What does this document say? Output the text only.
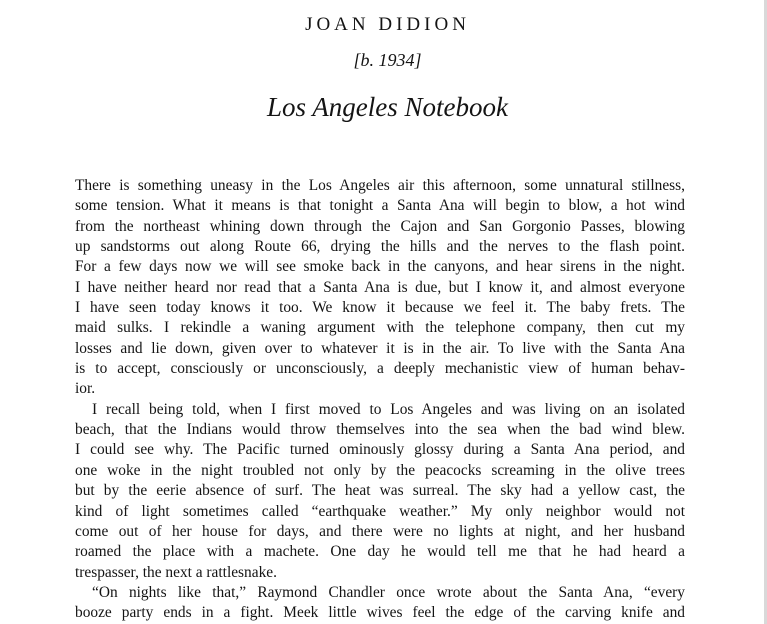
JOAN DIDION
[b. 1934]
Los Angeles Notebook
There is something uneasy in the Los Angeles air this afternoon, some unnatural stillness,
some tension. What it means is that tonight a Santa Ana will begin to blow, a hot wind
from the northeast whining down through the Cajon and San Gorgonio Passes, blowing
up sandstorms out along Route 66, drying the hills and the nerves to the flash point.
For a few days now we will see smoke back in the canyons, and hear sirens in the night.
I have neither heard nor read that a Santa Ana is due, but I know it, and almost everyone
I have seen today knows it too. We know it because we feel it. The baby frets. The
maid sulks. I rekindle a waning argument with the telephone company, then cut my
losses and lie down, given over to whatever it is in the air. To live with the Santa Ana
is to accept, consciously or unconsciously, a deeply mechanistic view of human behav-
ior.
I recall being told, when I first moved to Los Angeles and was living on an isolated
beach, that the Indians would throw themselves into the sea when the bad wind blew.
I could see why. The Pacific turned ominously glossy during a Santa Ana period, and
one woke in the night troubled not only by the peacocks screaming in the olive trees
but by the eerie absence of surf. The heat was surreal. The sky had a yellow cast, the
kind of light sometimes called “earthquake weather.” My only neighbor would not
come out of her house for days, and there were no lights at night, and her husband
roamed the place with a machete. One day he would tell me that he had heard a
trespasser, the next a rattlesnake.
“On nights like that,” Raymond Chandler once wrote about the Santa Ana, “every
booze party ends in a fight. Meek little wives feel the edge of the carving knife and
